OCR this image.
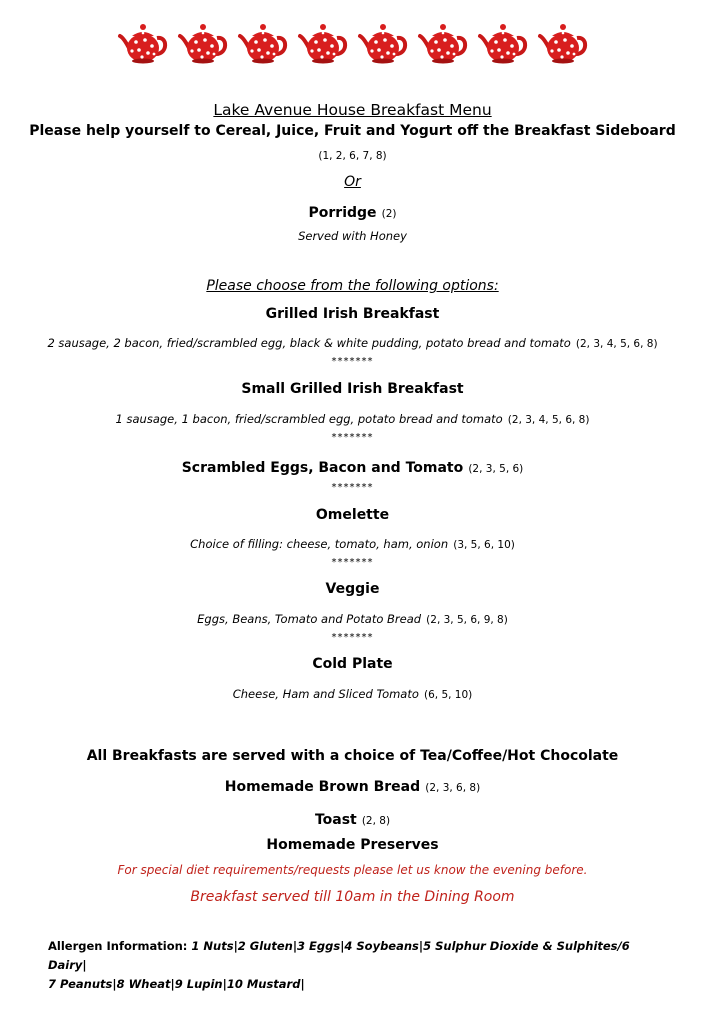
Lake Avenue House Breakfast Menu
Please help yourself to Cereal, Juice, Fruit and Yogurt off the Breakfast Sideboard
(1, 2, 6, 7, 8)
Or
Porridge (2)
Served with Honey
Please choose from the following options:
Grilled Irish Breakfast
2 sausage, 2 bacon, fried/scrambled egg, black & white pudding, potato bread and tomato (2, 3, 4, 5, 6, 8)
*******
Small Grilled Irish Breakfast
1 sausage, 1 bacon, fried/scrambled egg, potato bread and tomato (2, 3, 4, 5, 6, 8)
*******
Scrambled Eggs, Bacon and Tomato (2, 3, 5, 6)
*******
Omelette
Choice of filling: cheese, tomato, ham, onion (3, 5, 6, 10)
*******
Veggie
Eggs, Beans, Tomato and Potato Bread (2, 3, 5, 6, 9, 8)
*******
Cold Plate
Cheese, Ham and Sliced Tomato (6, 5, 10)
All Breakfasts are served with a choice of Tea/Coffee/Hot Chocolate
Homemade Brown Bread (2, 3, 6, 8)
Toast (2, 8)
Homemade Preserves
For special diet requirements/requests please let us know the evening before.
Breakfast served till 10am in the Dining Room
Allergen Information: 1 Nuts|2 Gluten|3 Eggs|4 Soybeans|5 Sulphur Dioxide & Sulphites/6 Dairy|
7 Peanuts|8 Wheat|9 Lupin|10 Mustard|
